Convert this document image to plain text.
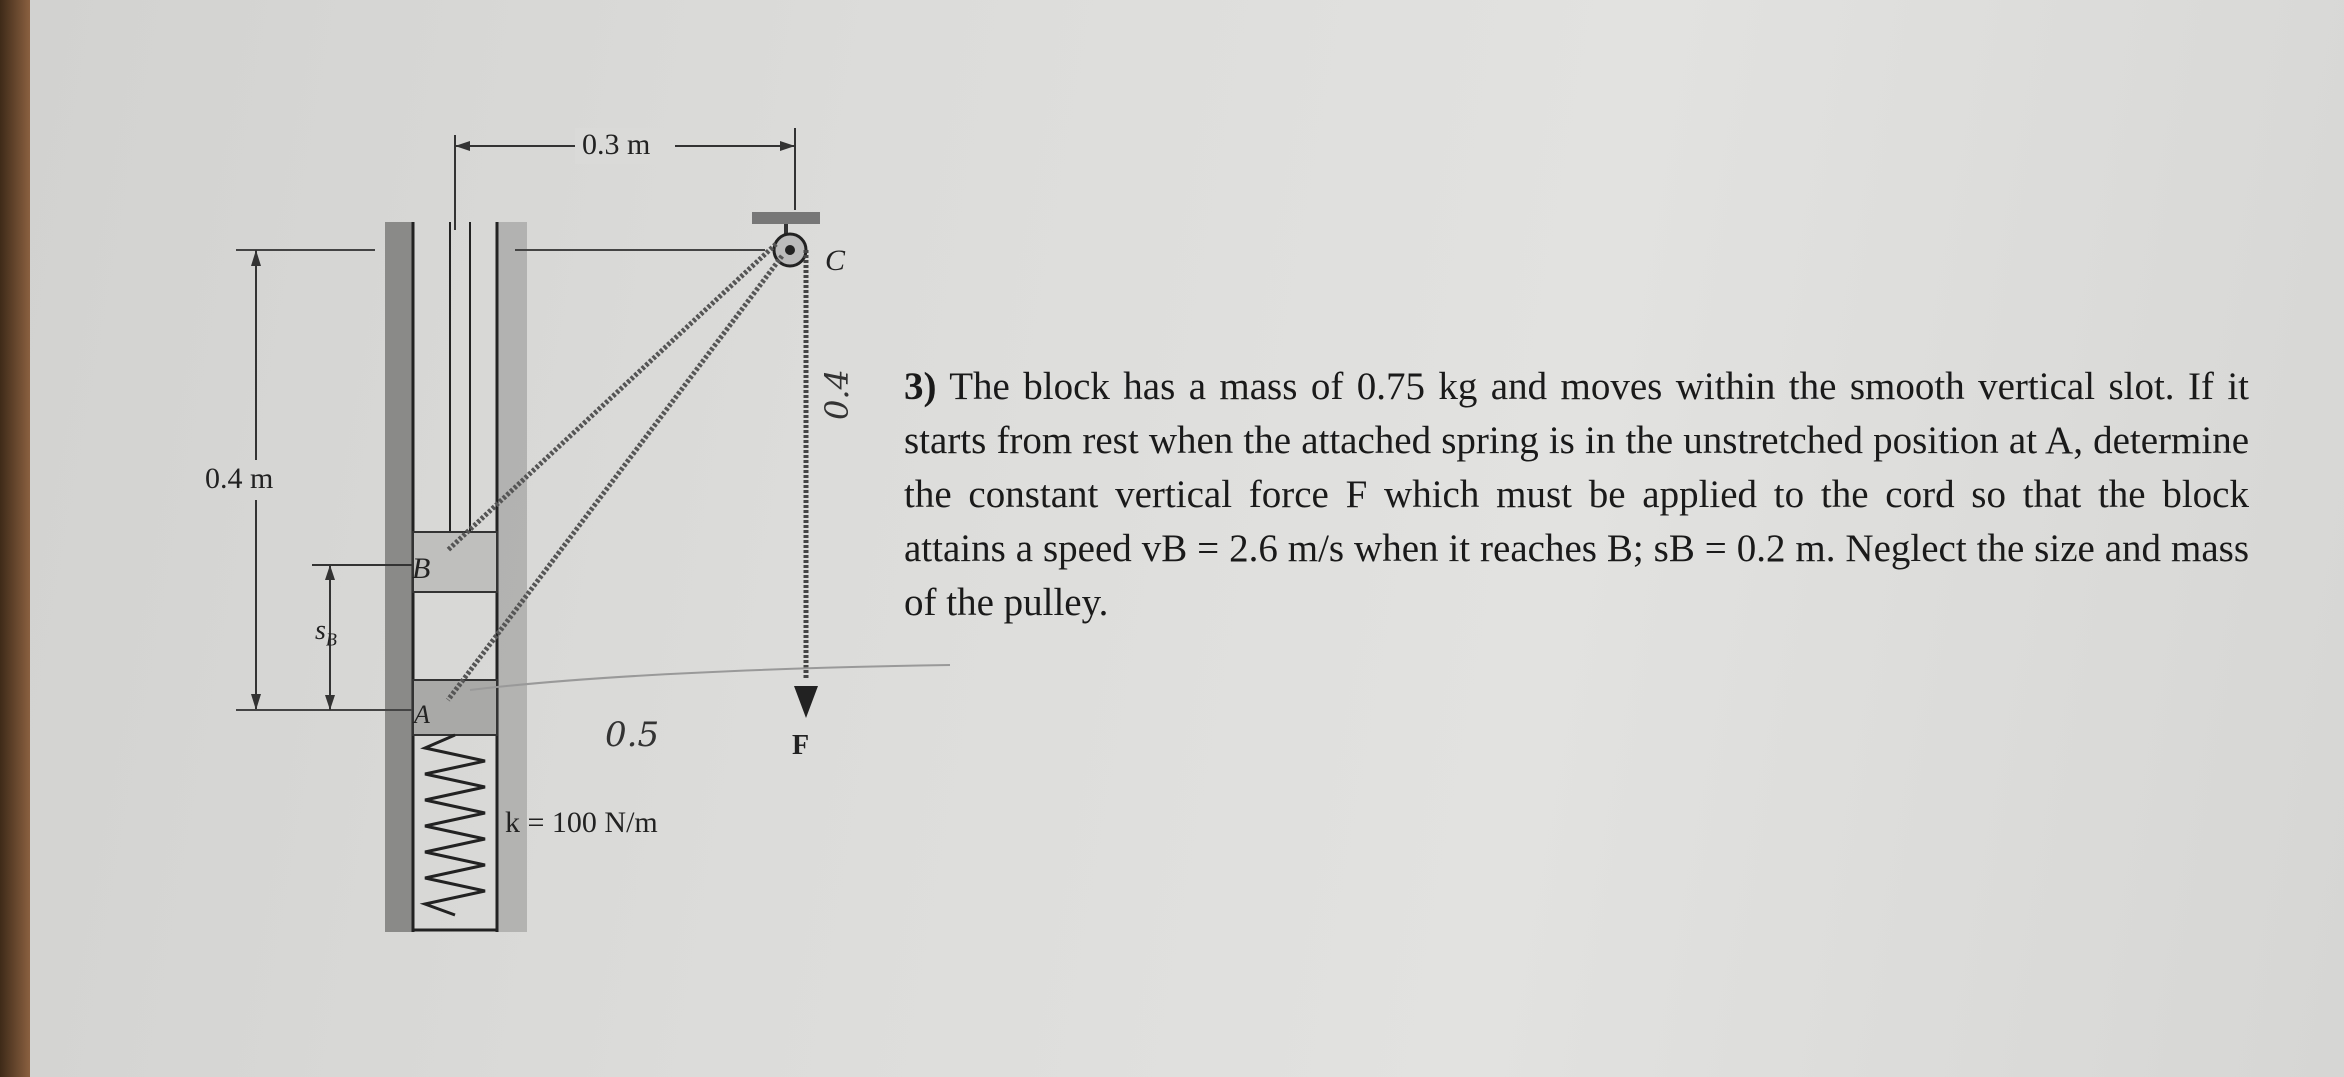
0.3 m
0.4 m
$s_B$
B
A
C
F
k = 100 N/m
0.4
0.5
3) The block has a mass of 0.75 kg and moves within the smooth vertical slot. If it starts from rest when the attached spring is in the unstretched position at A, determine the constant vertical force F which must be applied to the cord so that the block attains a speed vB = 2.6 m/s when it reaches B; sB = 0.2 m. Neglect the size and mass of the pulley.
